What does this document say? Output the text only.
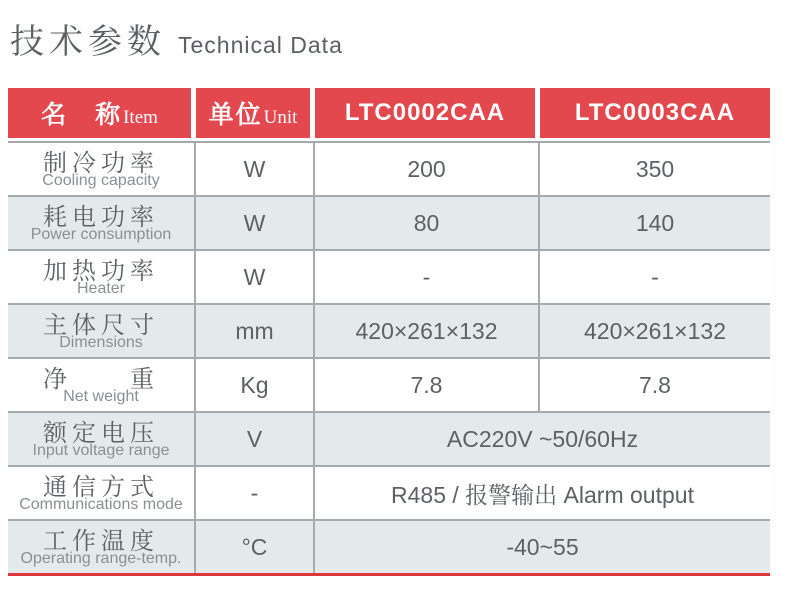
技术参数 Technical Data
名　称 Item	单位 Unit	LTC0002CAA	LTC0003CAA

制冷功率
Cooling capacity	W	200	350

耗电功率
Power consumption	W	80	140

加热功率
Heater	W	-	-

主体尺寸
Dimensions	mm	420×261×132	420×261×132

净　　重
Net weight	Kg	7.8	7.8

额定电压
Input voltage range	V	AC220V ~50/60Hz	

通信方式
Communications mode	-	R485 / 报警输出 Alarm output	

工作温度
Operating range-temp.	°C	-40~55	
